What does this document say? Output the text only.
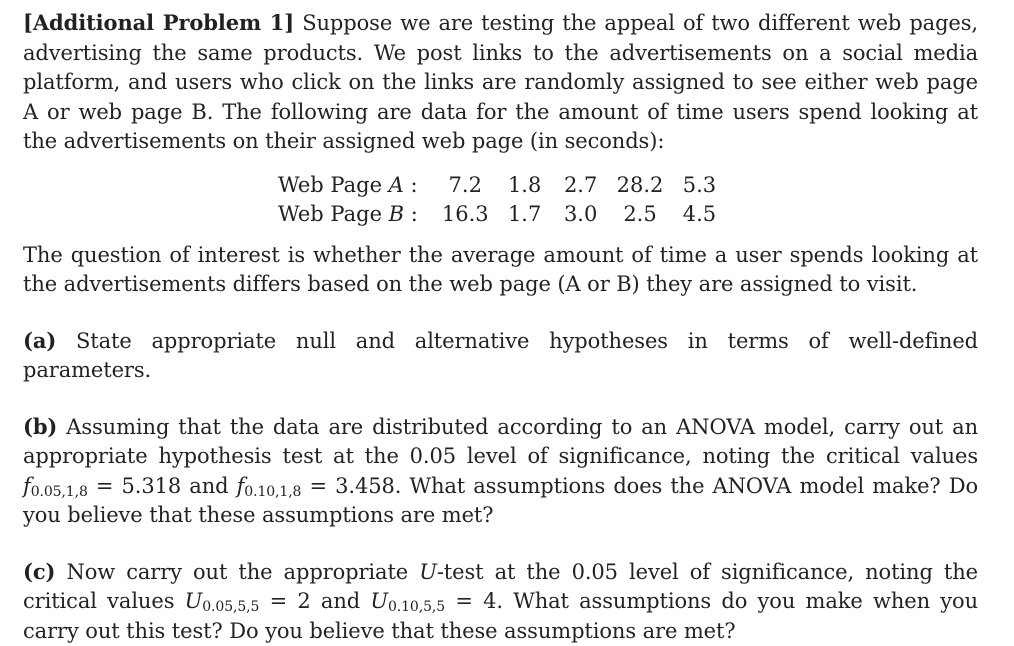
[Additional Problem 1] Suppose we are testing the appeal of two different web pages, advertising the same products. We post links to the advertisements on a social media platform, and users who click on the links are randomly assigned to see either web page A or web page B. The following are data for the amount of time users spend looking at the advertisements on their assigned web page (in seconds):

Web Page A :	7.2	1.8	2.7	28.2	5.3
Web Page B :	16.3	1.7	3.0	2.5	4.5

The question of interest is whether the average amount of time a user spends looking at the advertisements differs based on the web page (A or B) they are assigned to visit.

(a) State appropriate null and alternative hypotheses in terms of well-defined parameters.

(b) Assuming that the data are distributed according to an ANOVA model, carry out an appropriate hypothesis test at the 0.05 level of significance, noting the critical values $f_{0.05,1,8} = 5.318$ and $f_{0.10,1,8} = 3.458$. What assumptions does the ANOVA model make? Do you believe that these assumptions are met?

(c) Now carry out the appropriate U-test at the 0.05 level of significance, noting the critical values $U_{0.05,5,5} = 2$ and $U_{0.10,5,5} = 4$. What assumptions do you make when you carry out this test? Do you believe that these assumptions are met?
